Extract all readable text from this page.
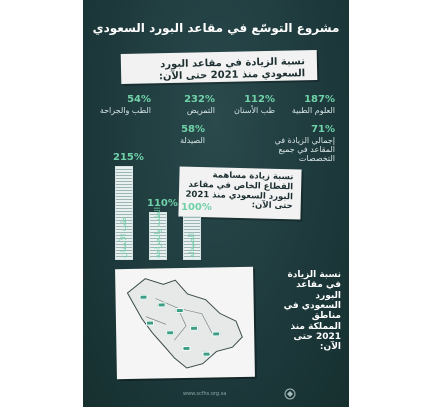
مشروع التوسّع في مقاعد البورد السعودي
نسبة الزيادة في مقاعد البورد السعودي منذ 2021 حتى الآن:
187%
العلوم الطبية
112%
طب الأسنان
232%
التمريض
54%
الطب والجراحة
71%
إجمالي الزيادة في المقاعد في جميع التخصصات
58%
الصيدلة
نسبة زيادة مساهمة القطاع الخاص في مقاعد البورد السعودي منذ 2021 حتى الآن:
215%
طب الأسنان
110%
الطب والجراحة 100%
الصيدلة
نسبة الزيادة في مقاعد البورد السعودي في مناطق المملكة منذ 2021 حتى الآن:
www.scfhs.org.sa
